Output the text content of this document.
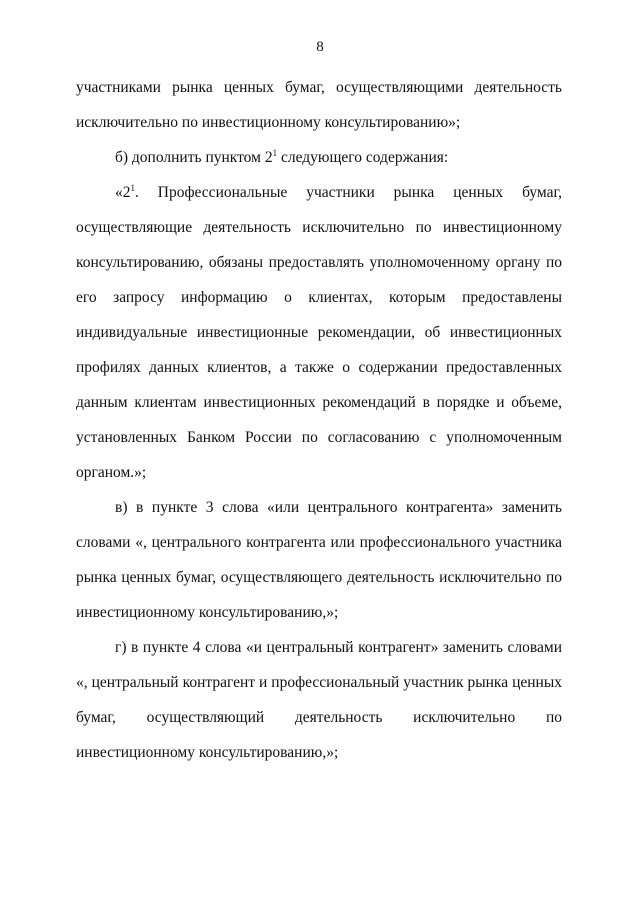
8
участниками рынка ценных бумаг, осуществляющими деятельность
исключительно по инвестиционному консультированию»;
б) дополнить пунктом $2^1$ следующего содержания:
«$2^1$. Профессиональные участники рынка ценных бумаг,
осуществляющие деятельность исключительно по инвестиционному
консультированию, обязаны предоставлять уполномоченному органу по
его запросу информацию о клиентах, которым предоставлены
индивидуальные инвестиционные рекомендации, об инвестиционных
профилях данных клиентов, а также о содержании предоставленных
данным клиентам инвестиционных рекомендаций в порядке и объеме,
установленных Банком России по согласованию с уполномоченным
органом.»;
в) в пункте 3 слова «или центрального контрагента» заменить
словами «, центрального контрагента или профессионального участника
рынка ценных бумаг, осуществляющего деятельность исключительно по
инвестиционному консультированию,»;
г) в пункте 4 слова «и центральный контрагент» заменить словами
«, центральный контрагент и профессиональный участник рынка ценных
бумаг, осуществляющий деятельность исключительно по
инвестиционному консультированию,»;
